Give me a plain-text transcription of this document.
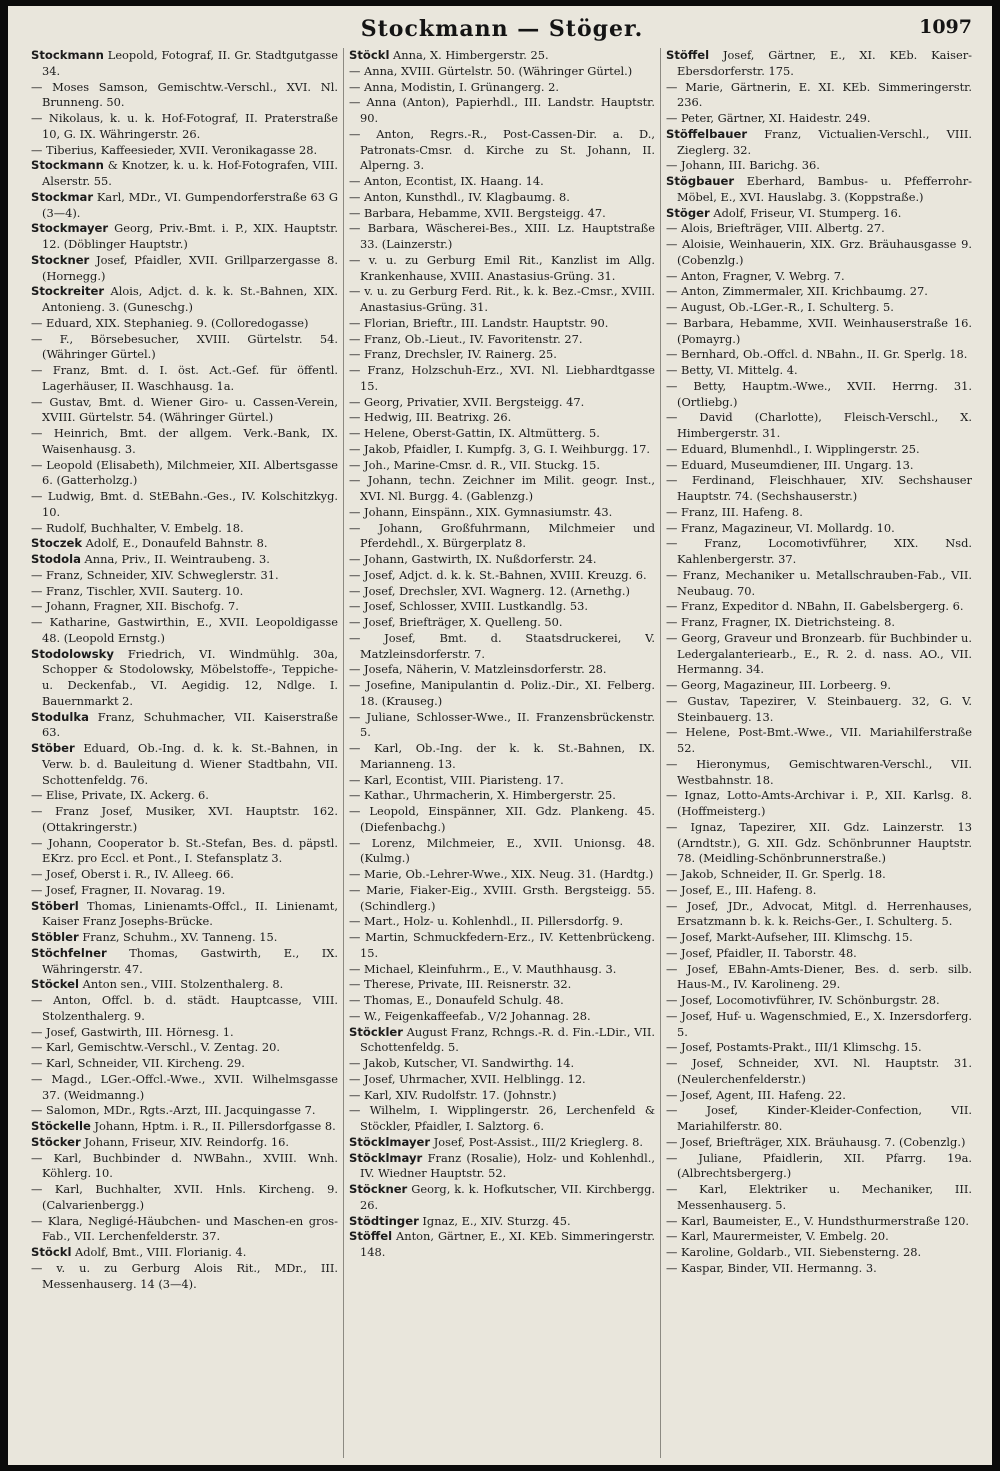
Stockmann — Stöger.	1097

Stockmann Leopold, Fotograf, II. Gr. Stadtgutgasse 34.

— Moses Samson, Gemischtw.-Verschl., XVI. Nl. Brunneng. 50.

— Nikolaus, k. u. k. Hof-Fotograf, II. Praterstraße 10, G. IX. Währingerstr. 26.

— Tiberius, Kaffeesieder, XVII. Veronikagasse 28.

Stockmann & Knotzer, k. u. k. Hof-Fotografen, VIII. Alserstr. 55.

Stockmar Karl, MDr., VI. Gumpendorferstraße 63 G (3—4).

Stockmayer Georg, Priv.-Bmt. i. P., XIX. Hauptstr. 12. (Döblinger Hauptstr.)

Stockner Josef, Pfaidler, XVII. Grillparzergasse 8. (Hornegg.)

Stockreiter Alois, Adjct. d. k. k. St.-Bahnen, XIX. Antonieng. 3. (Guneschg.)

— Eduard, XIX. Stephanieg. 9. (Colloredogasse)

— F., Börsebesucher, XVIII. Gürtelstr. 54. (Währinger Gürtel.)

— Franz, Bmt. d. I. öst. Act.-Gef. für öffentl. Lagerhäuser, II. Waschhausg. 1a.

— Gustav, Bmt. d. Wiener Giro- u. Cassen-Verein, XVIII. Gürtelstr. 54. (Währinger Gürtel.)

— Heinrich, Bmt. der allgem. Verk.-Bank, IX. Waisenhausg. 3.

— Leopold (Elisabeth), Milchmeier, XII. Albertsgasse 6. (Gatterholzg.)

— Ludwig, Bmt. d. StEBahn.-Ges., IV. Kolschitzkyg. 10.

— Rudolf, Buchhalter, V. Embelg. 18.

Stoczek Adolf, E., Donaufeld Bahnstr. 8.

Stodola Anna, Priv., II. Weintraubeng. 3.

— Franz, Schneider, XIV. Schweglerstr. 31.

— Franz, Tischler, XVII. Sauterg. 10.

— Johann, Fragner, XII. Bischofg. 7.

— Katharine, Gastwirthin, E., XVII. Leopoldigasse 48. (Leopold Ernstg.)

Stodolowsky Friedrich, VI. Windmühlg. 30a, Schopper & Stodolowsky, Möbelstoffe-, Teppiche- u. Deckenfab., VI. Aegidig. 12, Ndlge. I. Bauernmarkt 2.

Stodulka Franz, Schuhmacher, VII. Kaiserstraße 63.

Stöber Eduard, Ob.-Ing. d. k. k. St.-Bahnen, in Verw. b. d. Bauleitung d. Wiener Stadtbahn, VII. Schottenfeldg. 76.

— Elise, Private, IX. Ackerg. 6.

— Franz Josef, Musiker, XVI. Hauptstr. 162. (Ottakringerstr.)

— Johann, Cooperator b. St.-Stefan, Bes. d. päpstl. EKrz. pro Eccl. et Pont., I. Stefansplatz 3.

— Josef, Oberst i. R., IV. Alleeg. 66.

— Josef, Fragner, II. Novarag. 19.

Stöberl Thomas, Linienamts-Offcl., II. Linienamt, Kaiser Franz Josephs-Brücke.

Stöbler Franz, Schuhm., XV. Tanneng. 15.

Stöchfelner Thomas, Gastwirth, E., IX. Währingerstr. 47.

Stöckel Anton sen., VIII. Stolzenthalerg. 8.

— Anton, Offcl. b. d. städt. Hauptcasse, VIII. Stolzenthalerg. 9.

— Josef, Gastwirth, III. Hörnesg. 1.

— Karl, Gemischtw.-Verschl., V. Zentag. 20.

— Karl, Schneider, VII. Kircheng. 29.

— Magd., LGer.-Offcl.-Wwe., XVII. Wilhelmsgasse 37. (Weidmanng.)

— Salomon, MDr., Rgts.-Arzt, III. Jacquingasse 7.

Stöckelle Johann, Hptm. i. R., II. Pillersdorfgasse 8.

Stöcker Johann, Friseur, XIV. Reindorfg. 16.

— Karl, Buchbinder d. NWBahn., XVIII. Wnh. Köhlerg. 10.

— Karl, Buchhalter, XVII. Hnls. Kircheng. 9. (Calvarienbergg.)

— Klara, Negligé-Häubchen- und Maschen-en gros-Fab., VII. Lerchenfelderstr. 37.

Stöckl Adolf, Bmt., VIII. Florianig. 4.

— v. u. zu Gerburg Alois Rit., MDr., III. Messenhauserg. 14 (3—4).

Stöckl Anna, X. Himbergerstr. 25.

— Anna, XVIII. Gürtelstr. 50. (Währinger Gürtel.)

— Anna, Modistin, I. Grünangerg. 2.

— Anna (Anton), Papierhdl., III. Landstr. Hauptstr. 90.

— Anton, Regrs.-R., Post-Cassen-Dir. a. D., Patronats-Cmsr. d. Kirche zu St. Johann, II. Alperng. 3.

— Anton, Econtist, IX. Haang. 14.

— Anton, Kunsthdl., IV. Klagbaumg. 8.

— Barbara, Hebamme, XVII. Bergsteigg. 47.

— Barbara, Wäscherei-Bes., XIII. Lz. Hauptstraße 33. (Lainzerstr.)

— v. u. zu Gerburg Emil Rit., Kanzlist im Allg. Krankenhause, XVIII. Anastasius-Grüng. 31.

— v. u. zu Gerburg Ferd. Rit., k. k. Bez.-Cmsr., XVIII. Anastasius-Grüng. 31.

— Florian, Brieftr., III. Landstr. Hauptstr. 90.

— Franz, Ob.-Lieut., IV. Favoritenstr. 27.

— Franz, Drechsler, IV. Rainerg. 25.

— Franz, Holzschuh-Erz., XVI. Nl. Liebhardtgasse 15.

— Georg, Privatier, XVII. Bergsteigg. 47.

— Hedwig, III. Beatrixg. 26.

— Helene, Oberst-Gattin, IX. Altmütterg. 5.

— Jakob, Pfaidler, I. Kumpfg. 3, G. I. Weihburgg. 17.

— Joh., Marine-Cmsr. d. R., VII. Stuckg. 15.

— Johann, techn. Zeichner im Milit. geogr. Inst., XVI. Nl. Burgg. 4. (Gablenzg.)

— Johann, Einspänn., XIX. Gymnasiumstr. 43.

— Johann, Großfuhrmann, Milchmeier und Pferdehdl., X. Bürgerplatz 8.

— Johann, Gastwirth, IX. Nußdorferstr. 24.

— Josef, Adjct. d. k. k. St.-Bahnen, XVIII. Kreuzg. 6.

— Josef, Drechsler, XVI. Wagnerg. 12. (Arnethg.)

— Josef, Schlosser, XVIII. Lustkandlg. 53.

— Josef, Briefträger, X. Quelleng. 50.

— Josef, Bmt. d. Staatsdruckerei, V. Matzleinsdorferstr. 7.

— Josefa, Näherin, V. Matzleinsdorferstr. 28.

— Josefine, Manipulantin d. Poliz.-Dir., XI. Felberg. 18. (Krauseg.)

— Juliane, Schlosser-Wwe., II. Franzensbrückenstr. 5.

— Karl, Ob.-Ing. der k. k. St.-Bahnen, IX. Marianneng. 13.

— Karl, Econtist, VIII. Piaristeng. 17.

— Kathar., Uhrmacherin, X. Himbergerstr. 25.

— Leopold, Einspänner, XII. Gdz. Plankeng. 45. (Diefenbachg.)

— Lorenz, Milchmeier, E., XVII. Unionsg. 48. (Kulmg.)

— Marie, Ob.-Lehrer-Wwe., XIX. Neug. 31. (Hardtg.)

— Marie, Fiaker-Eig., XVIII. Grsth. Bergsteigg. 55. (Schindlerg.)

— Mart., Holz- u. Kohlenhdl., II. Pillersdorfg. 9.

— Martin, Schmuckfedern-Erz., IV. Kettenbrückeng. 15.

— Michael, Kleinfuhrm., E., V. Mauthhausg. 3.

— Therese, Private, III. Reisnerstr. 32.

— Thomas, E., Donaufeld Schulg. 48.

— W., Feigenkaffeefab., V/2 Johannag. 28.

Stöckler August Franz, Rchngs.-R. d. Fin.-LDir., VII. Schottenfeldg. 5.

— Jakob, Kutscher, VI. Sandwirthg. 14.

— Josef, Uhrmacher, XVII. Helblingg. 12.

— Karl, XIV. Rudolfstr. 17. (Johnstr.)

— Wilhelm, I. Wipplingerstr. 26, Lerchenfeld & Stöckler, Pfaidler, I. Salztorg. 6.

Stöcklmayer Josef, Post-Assist., III/2 Krieglerg. 8.

Stöcklmayr Franz (Rosalie), Holz- und Kohlenhdl., IV. Wiedner Hauptstr. 52.

Stöckner Georg, k. k. Hofkutscher, VII. Kirchbergg. 26.

Stödtinger Ignaz, E., XIV. Sturzg. 45.

Stöffel Anton, Gärtner, E., XI. KEb. Simmeringerstr. 148.

Stöffel Josef, Gärtner, E., XI. KEb. Kaiser-Ebersdorferstr. 175.

— Marie, Gärtnerin, E. XI. KEb. Simmeringerstr. 236.

— Peter, Gärtner, XI. Haidestr. 249.

Stöffelbauer Franz, Victualien-Verschl., VIII. Zieglerg. 32.

— Johann, III. Barichg. 36.

Stögbauer Eberhard, Bambus- u. Pfefferrohr-Möbel, E., XVI. Hauslabg. 3. (Koppstraße.)

Stöger Adolf, Friseur, VI. Stumperg. 16.

— Alois, Briefträger, VIII. Albertg. 27.

— Aloisie, Weinhauerin, XIX. Grz. Bräuhausgasse 9. (Cobenzlg.)

— Anton, Fragner, V. Webrg. 7.

— Anton, Zimmermaler, XII. Krichbaumg. 27.

— August, Ob.-LGer.-R., I. Schulterg. 5.

— Barbara, Hebamme, XVII. Weinhauserstraße 16. (Pomayrg.)

— Bernhard, Ob.-Offcl. d. NBahn., II. Gr. Sperlg. 18.

— Betty, VI. Mittelg. 4.

— Betty, Hauptm.-Wwe., XVII. Herrng. 31. (Ortliebg.)

— David (Charlotte), Fleisch-Verschl., X. Himbergerstr. 31.

— Eduard, Blumenhdl., I. Wipplingerstr. 25.

— Eduard, Museumdiener, III. Ungarg. 13.

— Ferdinand, Fleischhauer, XIV. Sechshauser Hauptstr. 74. (Sechshauserstr.)

— Franz, III. Hafeng. 8.

— Franz, Magazineur, VI. Mollardg. 10.

— Franz, Locomotivführer, XIX. Nsd. Kahlenbergerstr. 37.

— Franz, Mechaniker u. Metallschrauben-Fab., VII. Neubaug. 70.

— Franz, Expeditor d. NBahn, II. Gabelsbergerg. 6.

— Franz, Fragner, IX. Dietrichsteing. 8.

— Georg, Graveur und Bronzearb. für Buchbinder u. Ledergalanteriearb., E., R. 2. d. nass. AO., VII. Hermanng. 34.

— Georg, Magazineur, III. Lorbeerg. 9.

— Gustav, Tapezirer, V. Steinbauerg. 32, G. V. Steinbauerg. 13.

— Helene, Post-Bmt.-Wwe., VII. Mariahilferstraße 52.

— Hieronymus, Gemischtwaren-Verschl., VII. Westbahnstr. 18.

— Ignaz, Lotto-Amts-Archivar i. P., XII. Karlsg. 8. (Hoffmeisterg.)

— Ignaz, Tapezirer, XII. Gdz. Lainzerstr. 13 (Arndtstr.), G. XII. Gdz. Schönbrunner Hauptstr. 78. (Meidling-Schönbrunnerstraße.)

— Jakob, Schneider, II. Gr. Sperlg. 18.

— Josef, E., III. Hafeng. 8.

— Josef, JDr., Advocat, Mitgl. d. Herrenhauses, Ersatzmann b. k. k. Reichs-Ger., I. Schulterg. 5.

— Josef, Markt-Aufseher, III. Klimschg. 15.

— Josef, Pfaidler, II. Taborstr. 48.

— Josef, EBahn-Amts-Diener, Bes. d. serb. silb. Haus-M., IV. Karolineng. 29.

— Josef, Locomotivführer, IV. Schönburgstr. 28.

— Josef, Huf- u. Wagenschmied, E., X. Inzersdorferg. 5.

— Josef, Postamts-Prakt., III/1 Klimschg. 15.

— Josef, Schneider, XVI. Nl. Hauptstr. 31. (Neulerchenfelderstr.)

— Josef, Agent, III. Hafeng. 22.

— Josef, Kinder-Kleider-Confection, VII. Mariahilferstr. 80.

— Josef, Briefträger, XIX. Bräuhausg. 7. (Cobenzlg.)

— Juliane, Pfaidlerin, XII. Pfarrg. 19a. (Albrechtsbergerg.)

— Karl, Elektriker u. Mechaniker, III. Messenhauserg. 5.

— Karl, Baumeister, E., V. Hundsthurmerstraße 120.

— Karl, Maurermeister, V. Embelg. 20.

— Karoline, Goldarb., VII. Siebensterng. 28.

— Kaspar, Binder, VII. Hermanng. 3.
